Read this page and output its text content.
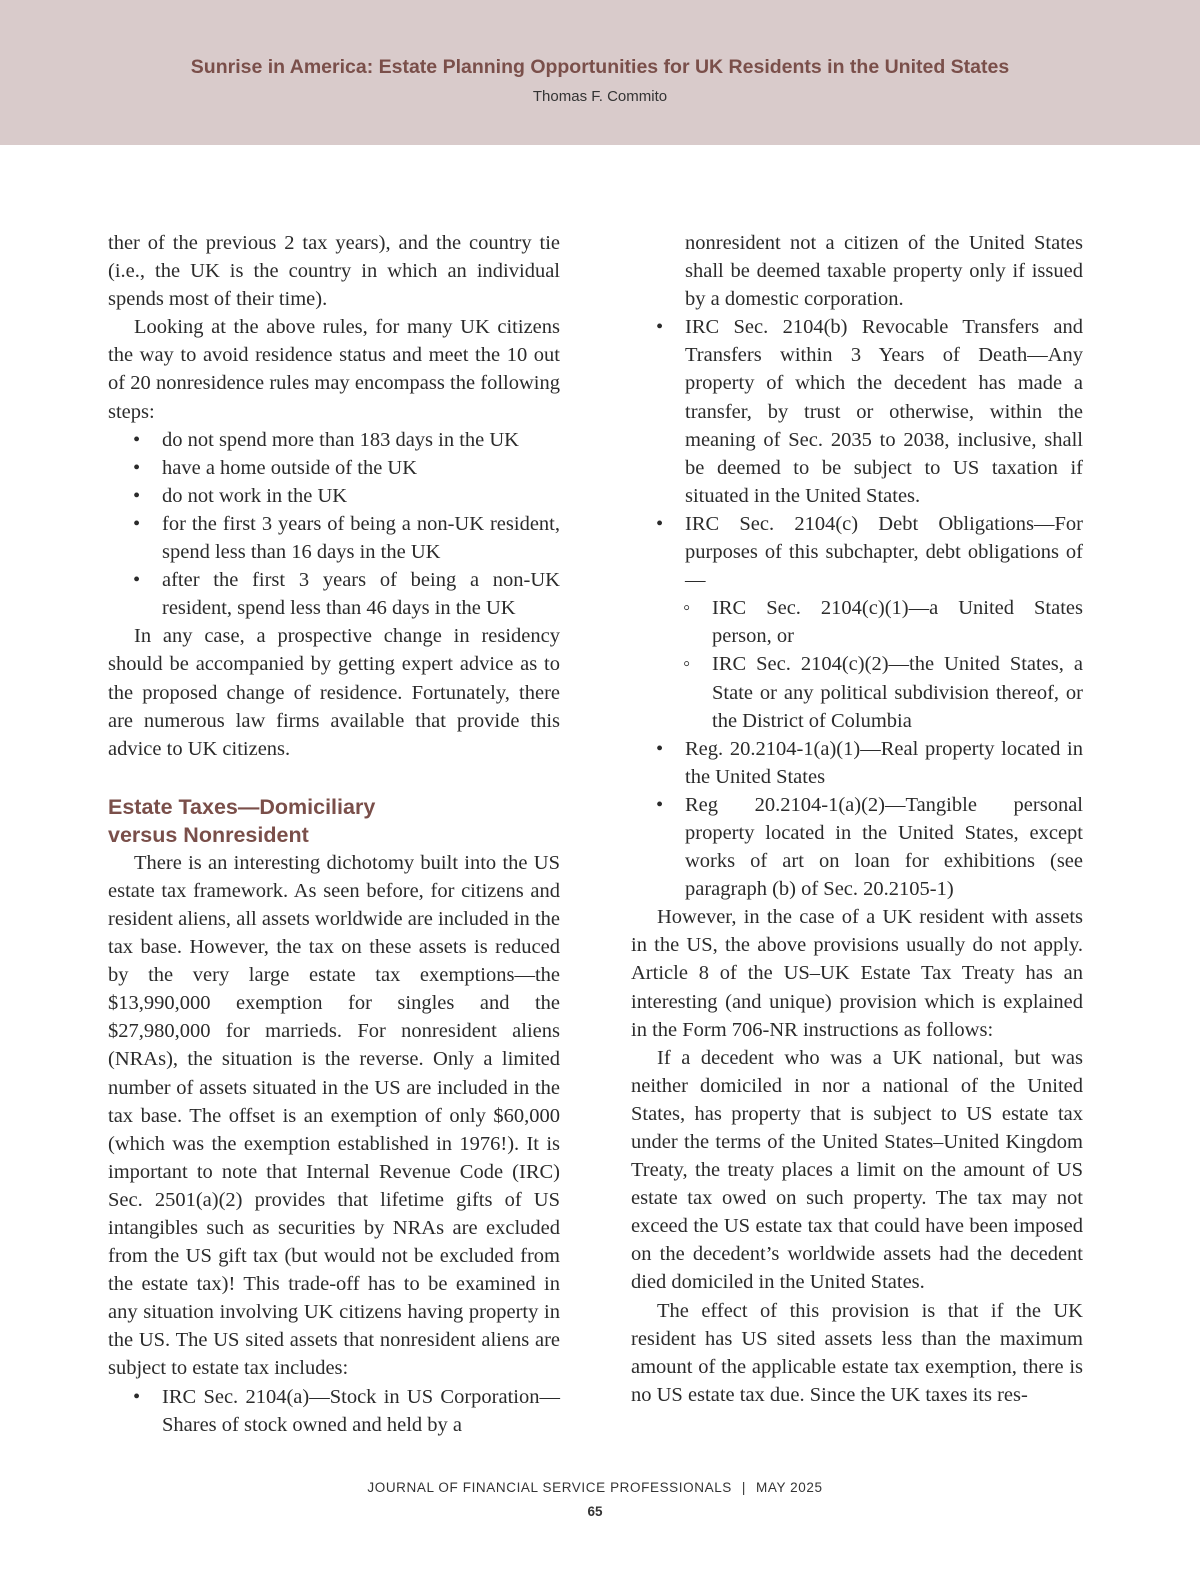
Sunrise in America: Estate Planning Opportunities for UK Residents in the United States
Thomas F. Commito

ther of the previous 2 tax years), and the country tie (i.e., the UK is the country in which an individual spends most of their time).

Looking at the above rules, for many UK citizens the way to avoid residence status and meet the 10 out of 20 nonresidence rules may encompass the following steps:

• do not spend more than 183 days in the UK
• have a home outside of the UK
• do not work in the UK
• for the first 3 years of being a non-UK resident, spend less than 16 days in the UK
• after the first 3 years of being a non-UK resident, spend less than 46 days in the UK

In any case, a prospective change in residency should be accompanied by getting expert advice as to the proposed change of residence. Fortunately, there are numerous law firms available that provide this advice to UK citizens.

Estate Taxes—Domiciliary
versus Nonresident

There is an interesting dichotomy built into the US estate tax framework. As seen before, for citizens and resident aliens, all assets worldwide are included in the tax base. However, the tax on these assets is reduced by the very large estate tax exemptions—the $13,990,000 exemption for singles and the $27,980,000 for marrieds. For nonresident aliens (NRAs), the situation is the reverse. Only a limited number of assets situated in the US are included in the tax base. The offset is an exemption of only $60,000 (which was the exemption established in 1976!). It is important to note that Internal Revenue Code (IRC) Sec. 2501(a)(2) provides that lifetime gifts of US intangibles such as securities by NRAs are excluded from the US gift tax (but would not be excluded from the estate tax)! This trade-off has to be examined in any situation involving UK citizens having property in the US. The US sited assets that nonresident aliens are subject to estate tax includes:

• IRC Sec. 2104(a)—Stock in US Corporation—Shares of stock owned and held by a
nonresident not a citizen of the United States shall be deemed taxable property only if issued by a domestic corporation.
• IRC Sec. 2104(b) Revocable Transfers and Transfers within 3 Years of Death—Any property of which the decedent has made a transfer, by trust or otherwise, within the meaning of Sec. 2035 to 2038, inclusive, shall be deemed to be subject to US taxation if situated in the United States.
• IRC Sec. 2104(c) Debt Obligations—For purposes of this subchapter, debt obligations of—
◦ IRC Sec. 2104(c)(1)—a United States person, or
◦ IRC Sec. 2104(c)(2)—the United States, a State or any political subdivision thereof, or the District of Columbia
• Reg. 20.2104-1(a)(1)—Real property located in the United States
• Reg 20.2104-1(a)(2)—Tangible personal property located in the United States, except works of art on loan for exhibitions (see paragraph (b) of Sec. 20.2105-1)

However, in the case of a UK resident with assets in the US, the above provisions usually do not apply. Article 8 of the US–UK Estate Tax Treaty has an interesting (and unique) provision which is explained in the Form 706-NR instructions as follows:

If a decedent who was a UK national, but was neither domiciled in nor a national of the United States, has property that is subject to US estate tax under the terms of the United States–United Kingdom Treaty, the treaty places a limit on the amount of US estate tax owed on such property. The tax may not exceed the US estate tax that could have been imposed on the decedent’s worldwide assets had the decedent died domiciled in the United States.

The effect of this provision is that if the UK resident has US sited assets less than the maximum amount of the applicable estate tax exemption, there is no US estate tax due. Since the UK taxes its res-

JOURNAL OF FINANCIAL SERVICE PROFESSIONALS | MAY 2025
65
